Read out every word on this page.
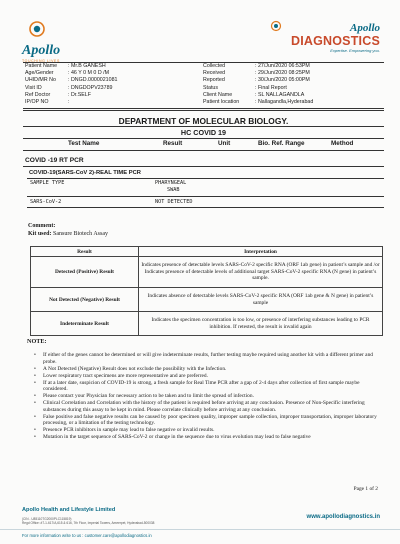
Apollo
TOUCHING LIVES
Apollo
DIAGNOSTICS
Expertise. Empowering you.
Patient Name : Mr.B GANESH
Age/Gender	: 46 Y 0 M 0 D /M
UHID/MR No : DNGD.0000021081
Visit ID	: DNGDOPV23789
Ref Doctor	: Dr.SELF
IP/OP NO	:
Collected	: 27/Jun/2020 06:53PM
Received	: 29/Jun/2020 08:25PM
Reported	: 30/Jun/2020 05:00PM
Status	: Final Report
Client Name	: SL NALLAGANDLA
Patient location	: Nallagandla,Hyderabad
DEPARTMENT OF MOLECULAR BIOLOGY.
HC COVID 19
Test Name	Result	Unit	Bio. Ref. Range	Method
COVID -19 RT PCR
COVID-19(SARS-CoV 2)-REAL TIME PCR
SAMPLE TYPE	PHARYNGEAL
SWAB
SARS-CoV-2	NOT DETECTED
Comment:
Kit used: Sansure Biotech Assay
Result	Interpretation
Detected (Positive) Result	Indicates presence of detectable levels SARS-CoV-2 specific RNA (ORF 1ab gene) in patient’s sample and /or Indicates presence of detectable levels of additional target SARS-CoV-2 specific RNA (N gene) in patient’s sample.
Not Detected (Negative) Result	Indicates absence of detectable levels SARS-CoV-2 specific RNA (ORF 1ab gene & N gene) in patient’s sample
Indeterminate Result	Indicates the specimen concentration is too low, or presence of interfering substances leading to PCR inhibition. If retested, the result is invalid again
NOTE:
• If either of the genes cannot be determined or will give indeterminate results, further testing maybe required using another kit with a different primer and probe.
• A Not Detected (Negative) Result does not exclude the possibility with the Infection.
• Lower respiratory tract specimens are more representative and are preferred.
• If at a later date, suspicion of COVID-19 is strong, a fresh sample for Real Time PCR after a gap of 2-4 days after collection of first sample maybe considered.
• Please contact your Physician for necessary action to be taken and to limit the spread of infection.
• Clinical Correlation and Correlation with the history of the patient is required before arriving at any conclusion. Presence of Non-Specific interfering substances during this assay to be kept in mind. Please correlate clinically before arriving at any conclusion.
• False positive and false negative results can be caused by poor specimen quality, improper sample collection, improper transportation, improper laboratory processing, or a limitation of the testing technology.
• Presence PCR inhibitors in sample may lead to false negative or invalid results.
• Mutation in the target sequence of SARS-CoV-2 or change in the sequence due to virus evolution may lead to false negative
Page 1 of 2
Apollo Health and Lifestyle Limited
(CIN - U85110TG2000PLC115819)
Regd Office: #7-1-617/A,615 & 616, 7th Floor, Imperial Towers, Ameerpet, Hyderabad-500038
www.apollodiagnostics.in
For more information write to us : customer.care@apollodiagnostics.in
